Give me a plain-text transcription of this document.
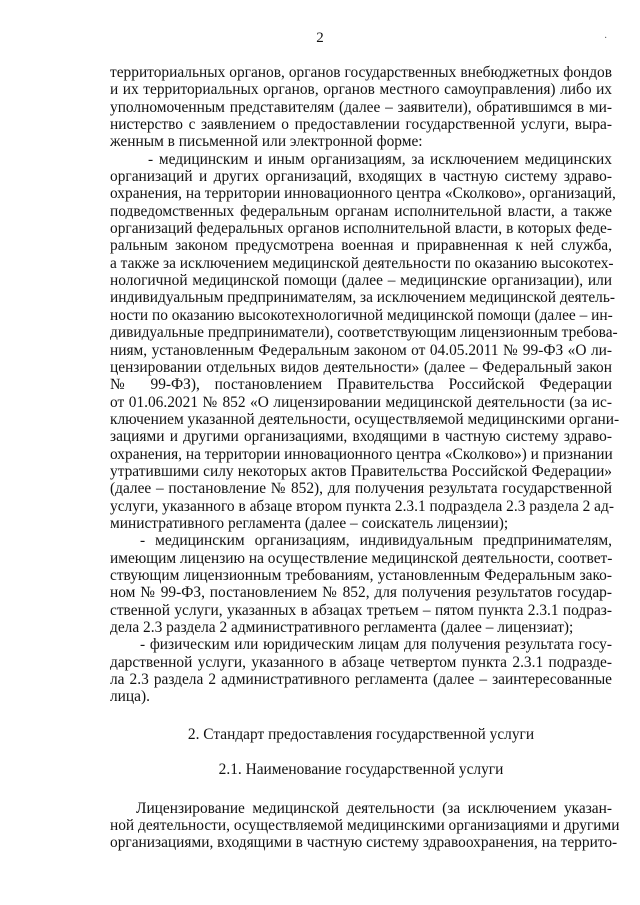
2	·
территориальных органов, органов государственных внебюджетных фондов
и их территориальных органов, органов местного самоуправления) либо их
уполномоченным представителям (далее – заявители), обратившимся в ми-
нистерство с заявлением о предоставлении государственной услуги, выра-
женным в письменной или электронной форме:
- медицинским и иным организациям, за исключением медицинских
организаций и других организаций, входящих в частную систему здраво-
охранения, на территории инновационного центра «Сколково», организаций,
подведомственных федеральным органам исполнительной власти, а также
организаций федеральных органов исполнительной власти, в которых феде-
ральным законом предусмотрена военная и приравненная к ней служба,
а также за исключением медицинской деятельности по оказанию высокотех-
нологичной медицинской помощи (далее – медицинские организации), или
индивидуальным предпринимателям, за исключением медицинской деятель-
ности по оказанию высокотехнологичной медицинской помощи (далее – ин-
дивидуальные предприниматели), соответствующим лицензионным требова-
ниям, установленным Федеральным законом от 04.05.2011 № 99-ФЗ «О ли-
цензировании отдельных видов деятельности» (далее – Федеральный закон
№ 99-ФЗ), постановлением Правительства Российской Федерации
от 01.06.2021 № 852 «О лицензировании медицинской деятельности (за ис-
ключением указанной деятельности, осуществляемой медицинскими органи-
зациями и другими организациями, входящими в частную систему здраво-
охранения, на территории инновационного центра «Сколково») и признании
утратившими силу некоторых актов Правительства Российской Федерации»
(далее – постановление № 852), для получения результата государственной
услуги, указанного в абзаце втором пункта 2.3.1 подраздела 2.3 раздела 2 ад-
министративного регламента (далее – соискатель лицензии);
- медицинским организациям, индивидуальным предпринимателям,
имеющим лицензию на осуществление медицинской деятельности, соответ-
ствующим лицензионным требованиям, установленным Федеральным зако-
ном № 99-ФЗ, постановлением № 852, для получения результатов государ-
ственной услуги, указанных в абзацах третьем – пятом пункта 2.3.1 подраз-
дела 2.3 раздела 2 административного регламента (далее – лицензиат);
- физическим или юридическим лицам для получения результата госу-
дарственной услуги, указанного в абзаце четвертом пункта 2.3.1 подразде-
ла 2.3 раздела 2 административного регламента (далее – заинтересованные
лица).

2. Стандарт предоставления государственной услуги

2.1. Наименование государственной услуги

Лицензирование медицинской деятельности (за исключением указан-
ной деятельности, осуществляемой медицинскими организациями и другими
организациями, входящими в частную систему здравоохранения, на террито-
